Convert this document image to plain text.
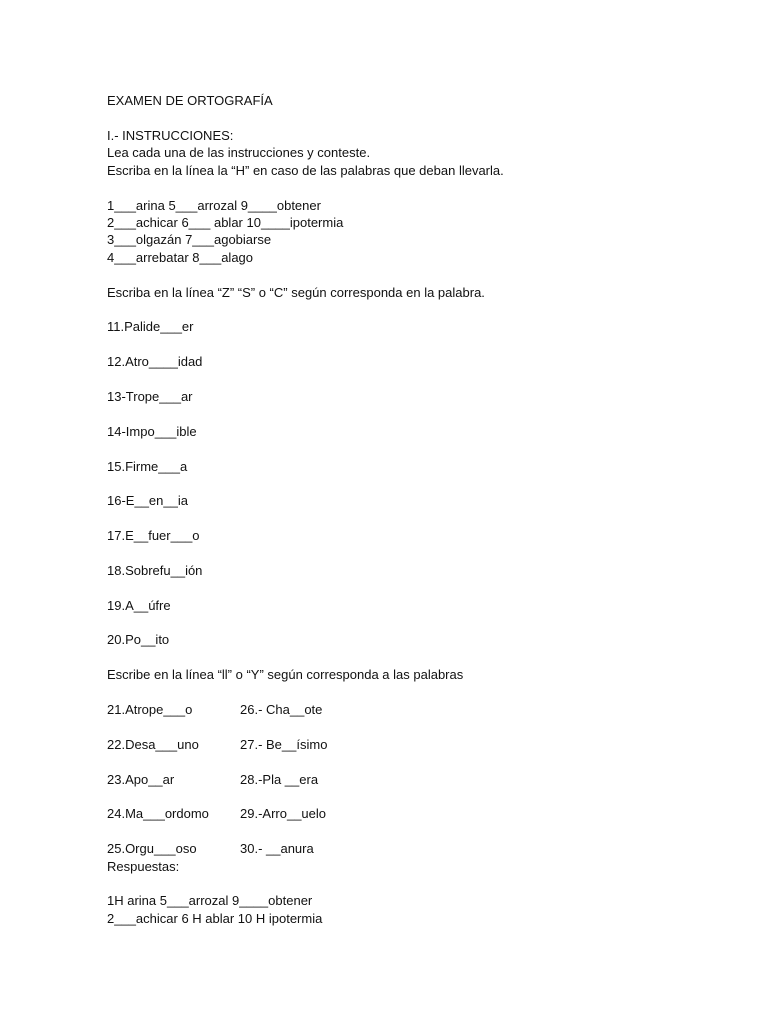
EXAMEN DE ORTOGRAFÍA
I.- INSTRUCCIONES:
Lea cada una de las instrucciones y conteste.
Escriba en la línea la “H” en caso de las palabras que deban llevarla.
1___arina 5___arrozal 9____obtener
2___achicar 6___ ablar 10____ipotermia
3___olgazán 7___agobiarse
4___arrebatar 8___alago
Escriba en la línea “Z” “S” o “C” según corresponda en la palabra.
11.Palide___er
12.Atro____idad
13-Trope___ar
14-Impo___ible
15.Firme___a
16-E__en__ia
17.E__fuer___o
18.Sobrefu__ión
19.A__úfre
20.Po__ito
Escribe en la línea “ll” o “Y” según corresponda a las palabras
21.Atrope___o	26.- Cha__ote
22.Desa___uno	27.- Be__ísimo
23.Apo__ar	28.-Pla __era
24.Ma___ordomo	29.-Arro__uelo
25.Orgu___oso	30.- __anura
Respuestas:
1H arina 5___arrozal 9____obtener
2___achicar 6 H ablar 10 H ipotermia
